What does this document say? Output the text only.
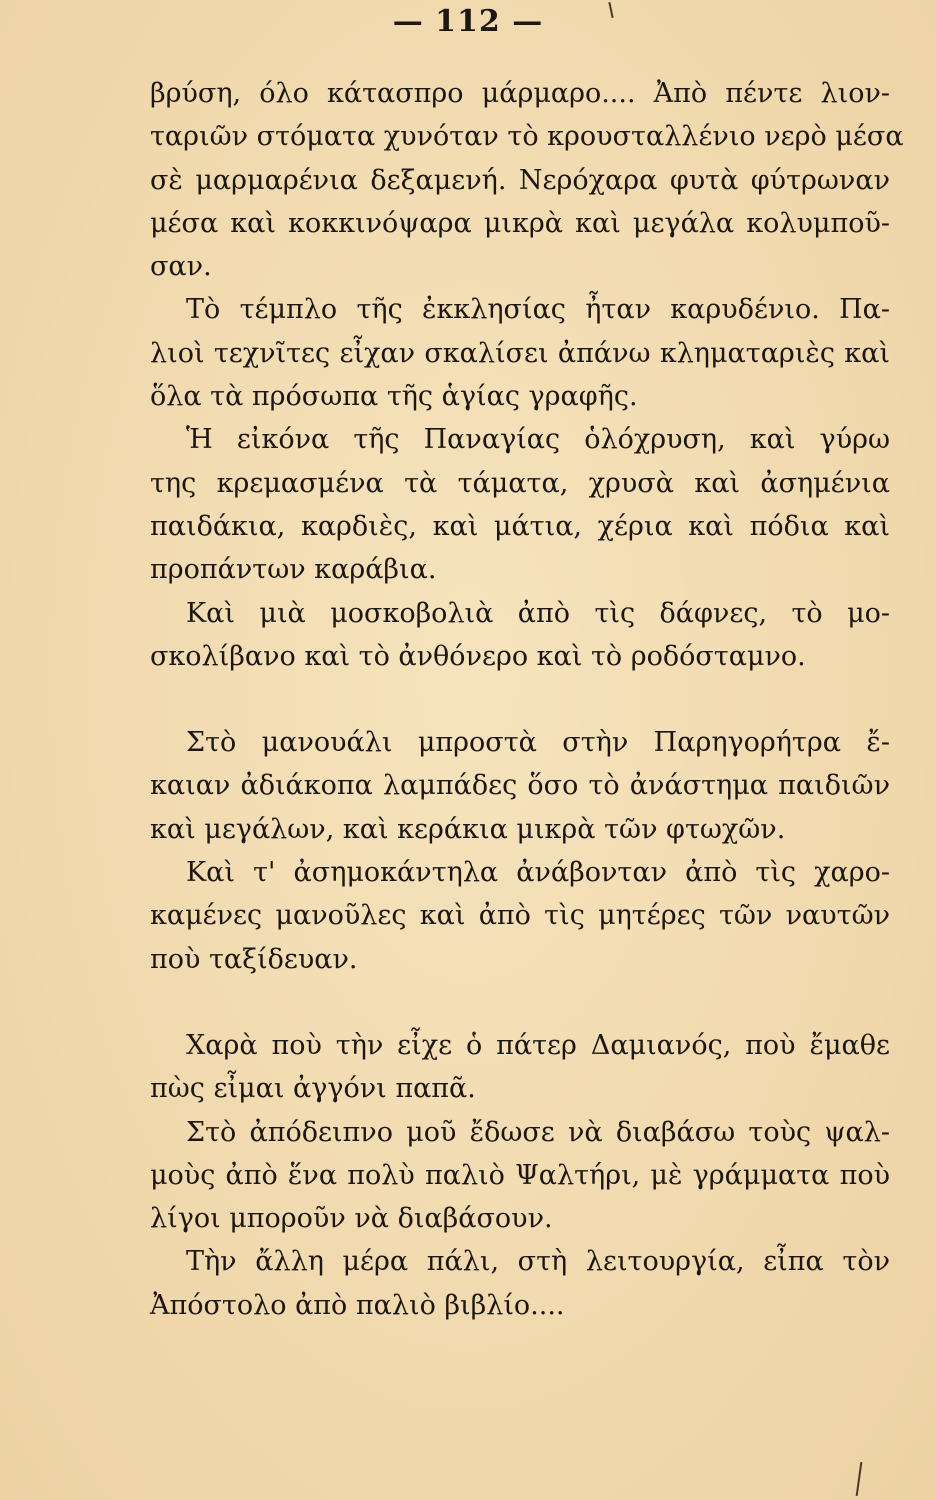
— 112 —
βρύση, όλο κάτασπρο μάρμαρο.... Ἀπὸ πέντε λιον-
ταριῶν στόματα χυνόταν τὸ κρουσταλλένιο νερὸ μέσα
σὲ μαρμαρένια δεξαμενή. Νερόχαρα φυτὰ φύτρωναν
μέσα καὶ κοκκινόψαρα μικρὰ καὶ μεγάλα κολυμποῦ-
σαν.
Τὸ τέμπλο τῆς ἐκκλησίας ἦταν καρυδένιο. Πα-
λιοὶ τεχνῖτες εἶχαν σκαλίσει ἀπάνω κληματαριὲς καὶ
ὅλα τὰ πρόσωπα τῆς ἁγίας γραφῆς.
Ἡ εἰκόνα τῆς Παναγίας ὁλόχρυση, καὶ γύρω
της κρεμασμένα τὰ τάματα, χρυσὰ καὶ ἀσημένια
παιδάκια, καρδιὲς, καὶ μάτια, χέρια καὶ πόδια καὶ
προπάντων καράβια.
Καὶ μιὰ μοσκοβολιὰ ἀπὸ τὶς δάφνες, τὸ μο-
σκολίβανο καὶ τὸ ἀνθόνερο καὶ τὸ ροδόσταμνο.
Στὸ μανουάλι μπροστὰ στὴν Παρηγορήτρα ἔ-
καιαν ἀδιάκοπα λαμπάδες ὅσο τὸ ἀνάστημα παιδιῶν
καὶ μεγάλων, καὶ κεράκια μικρὰ τῶν φτωχῶν.
Καὶ τ' ἀσημοκάντηλα ἀνάβονταν ἀπὸ τὶς χαρο-
καμένες μανοῦλες καὶ ἀπὸ τὶς μητέρες τῶν ναυτῶν
ποὺ ταξίδευαν.
Χαρὰ ποὺ τὴν εἶχε ὁ πάτερ Δαμιανός, ποὺ ἔμαθε
πὼς εἶμαι ἀγγόνι παπᾶ.
Στὸ ἀπόδειπνο μοῦ ἔδωσε νὰ διαβάσω τοὺς ψαλ-
μοὺς ἀπὸ ἕνα πολὺ παλιὸ Ψαλτήρι, μὲ γράμματα ποὺ
λίγοι μποροῦν νὰ διαβάσουν.
Τὴν ἄλλη μέρα πάλι, στὴ λειτουργία, εἶπα τὸν
Ἀπόστολο ἀπὸ παλιὸ βιβλίο....
